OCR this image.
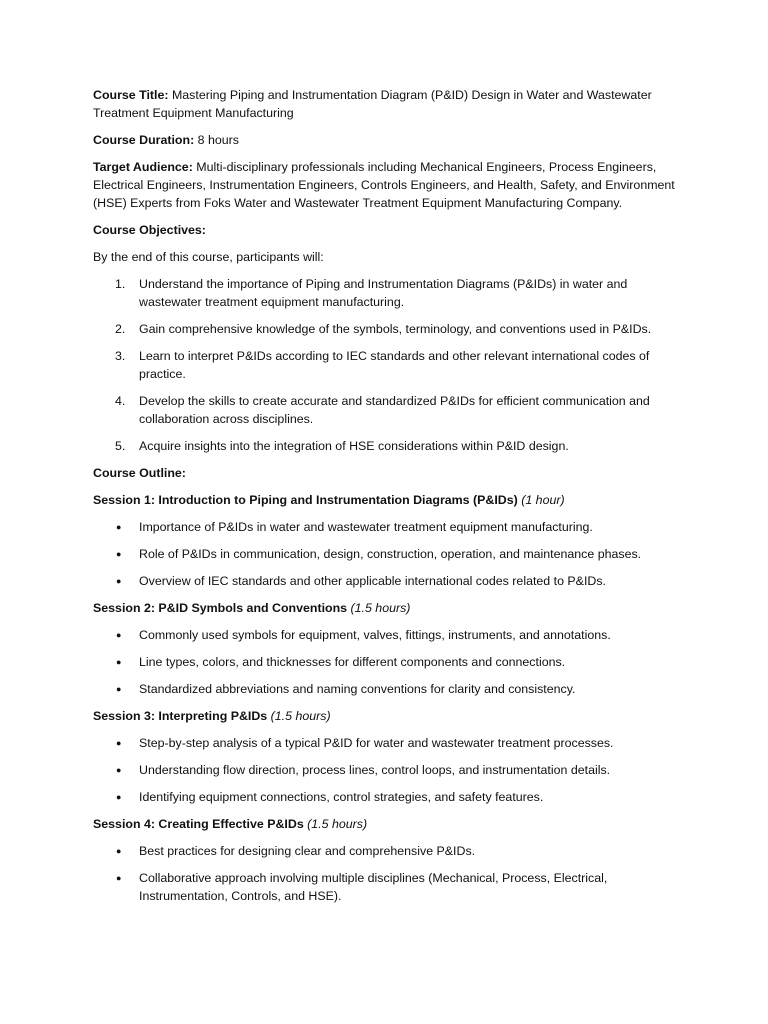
Course Title: Mastering Piping and Instrumentation Diagram (P&ID) Design in Water and Wastewater Treatment Equipment Manufacturing

Course Duration: 8 hours

Target Audience: Multi-disciplinary professionals including Mechanical Engineers, Process Engineers, Electrical Engineers, Instrumentation Engineers, Controls Engineers, and Health, Safety, and Environment (HSE) Experts from Foks Water and Wastewater Treatment Equipment Manufacturing Company.

Course Objectives:

By the end of this course, participants will:

1. Understand the importance of Piping and Instrumentation Diagrams (P&IDs) in water and wastewater treatment equipment manufacturing.
2. Gain comprehensive knowledge of the symbols, terminology, and conventions used in P&IDs.
3. Learn to interpret P&IDs according to IEC standards and other relevant international codes of practice.
4. Develop the skills to create accurate and standardized P&IDs for efficient communication and collaboration across disciplines.
5. Acquire insights into the integration of HSE considerations within P&ID design.

Course Outline:

Session 1: Introduction to Piping and Instrumentation Diagrams (P&IDs) (1 hour)

● Importance of P&IDs in water and wastewater treatment equipment manufacturing.
● Role of P&IDs in communication, design, construction, operation, and maintenance phases.
● Overview of IEC standards and other applicable international codes related to P&IDs.

Session 2: P&ID Symbols and Conventions (1.5 hours)

● Commonly used symbols for equipment, valves, fittings, instruments, and annotations.
● Line types, colors, and thicknesses for different components and connections.
● Standardized abbreviations and naming conventions for clarity and consistency.

Session 3: Interpreting P&IDs (1.5 hours)

● Step-by-step analysis of a typical P&ID for water and wastewater treatment processes.
● Understanding flow direction, process lines, control loops, and instrumentation details.
● Identifying equipment connections, control strategies, and safety features.

Session 4: Creating Effective P&IDs (1.5 hours)

● Best practices for designing clear and comprehensive P&IDs.
● Collaborative approach involving multiple disciplines (Mechanical, Process, Electrical, Instrumentation, Controls, and HSE).
